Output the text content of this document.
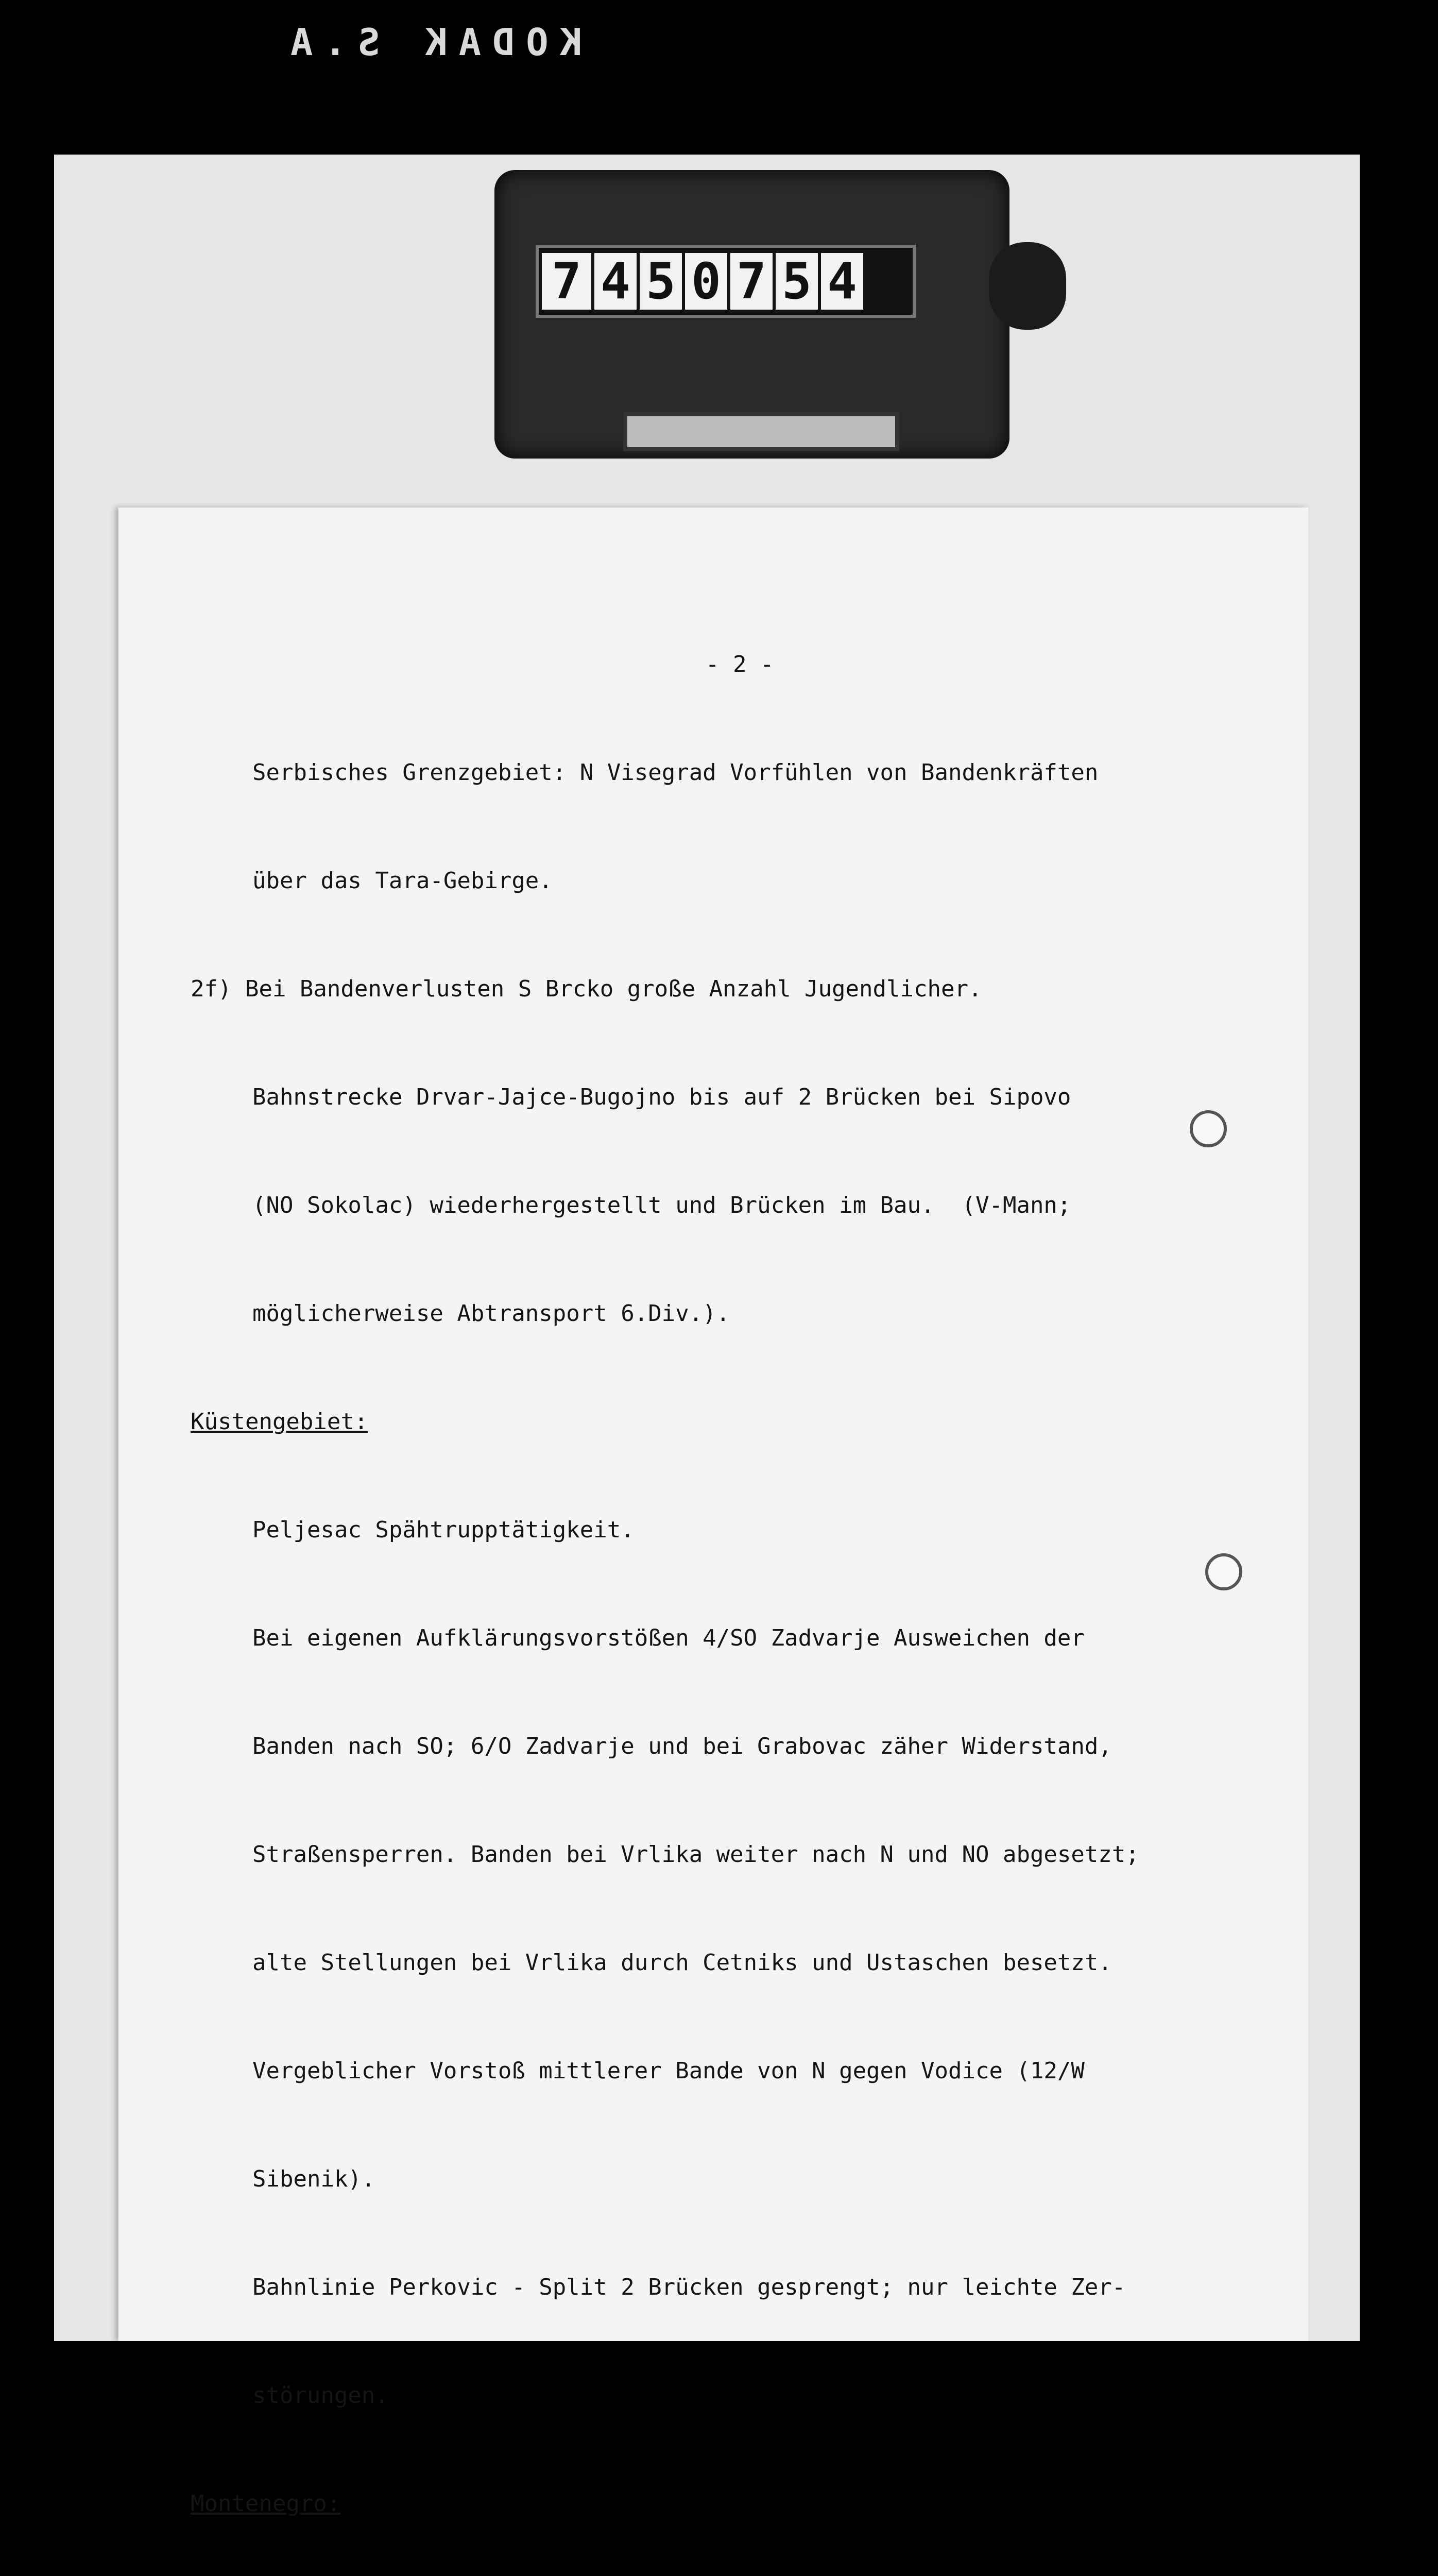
KODAK S.A
7 4 5 0 7 5 4

- 2 -

Serbisches Grenzgebiet: N Visegrad Vorfühlen von Bandenkräften

über das Tara-Gebirge.

2f) Bei Bandenverlusten S Brcko große Anzahl Jugendlicher.

Bahnstrecke Drvar-Jajce-Bugojno bis auf 2 Brücken bei Sipovo

(NO Sokolac) wiederhergestellt und Brücken im Bau.  (V-Mann;

möglicherweise Abtransport 6.Div.).

Küstengebiet:

Peljesac Spähtrupptätigkeit.

Bei eigenen Aufklärungsvorstößen 4/SO Zadvarje Ausweichen der

Banden nach SO; 6/O Zadvarje und bei Grabovac zäher Widerstand,

Straßensperren. Banden bei Vrlika weiter nach N und NO abgesetzt;

alte Stellungen bei Vrlika durch Cetniks und Ustaschen besetzt.

Vergeblicher Vorstoß mittlerer Bande von N gegen Vodice (12/W

Sibenik).

Bahnlinie Perkovic - Split 2 Brücken gesprengt; nur leichte Zer-

störungen.

Montenegro:
